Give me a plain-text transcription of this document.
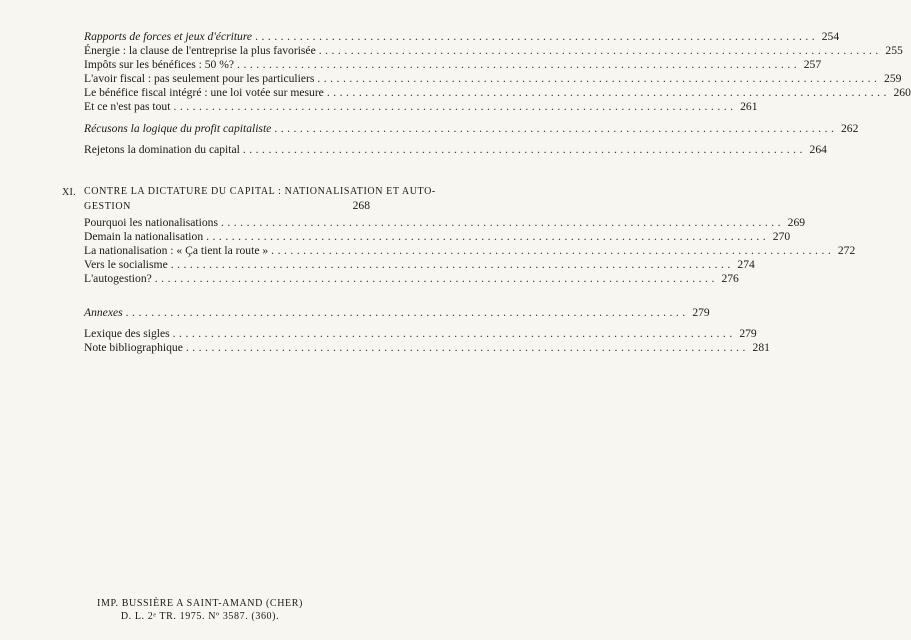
Rapports de forces et jeux d'écriture ........................................................................................ 254
Énergie : la clause de l'entreprise la plus favorisée ........................................................................................ 255
Impôts sur les bénéfices : 50 %? ........................................................................................ 257
L'avoir fiscal : pas seulement pour les particuliers ........................................................................................ 259
Le bénéfice fiscal intégré : une loi votée sur mesure ........................................................................................ 260
Et ce n'est pas tout ........................................................................................ 261
Récusons la logique du profit capitaliste ........................................................................................ 262
Rejetons la domination du capital ........................................................................................ 264
XI. CONTRE LA DICTATURE DU CAPITAL : NATIONALISATION ET AUTO-
GESTION	268
Pourquoi les nationalisations ........................................................................................ 269
Demain la nationalisation ........................................................................................ 270
La nationalisation : « Ça tient la route » ........................................................................................ 272
Vers le socialisme ........................................................................................ 274
L'autogestion? ........................................................................................ 276
Annexes ........................................................................................ 279
Lexique des sigles ........................................................................................ 279
Note bibliographique ........................................................................................ 281
IMP. BUSSIÈRE A SAINT-AMAND (CHER)
D. L. 2ᵉ TR. 1975. Nº 3587. (360).
